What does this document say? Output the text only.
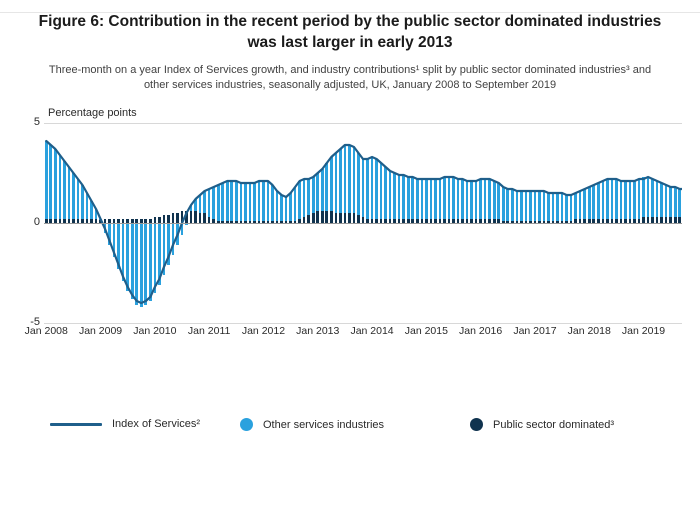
Figure 6: Contribution in the recent period by the public sector dominated industries was last larger in early 2013
Three-month on a year Index of Services growth, and industry contributions¹ split by public sector dominated industries³ and other services industries, seasonally adjusted, UK, January 2008 to September 2019
Percentage points
-5
0
5
Jan 2008 Jan 2009 Jan 2010 Jan 2011 Jan 2012 Jan 2013 Jan 2014 Jan 2015 Jan 2016 Jan 2017 Jan 2018 Jan 2019
Index of Services²	Other services industries	Public sector dominated³
